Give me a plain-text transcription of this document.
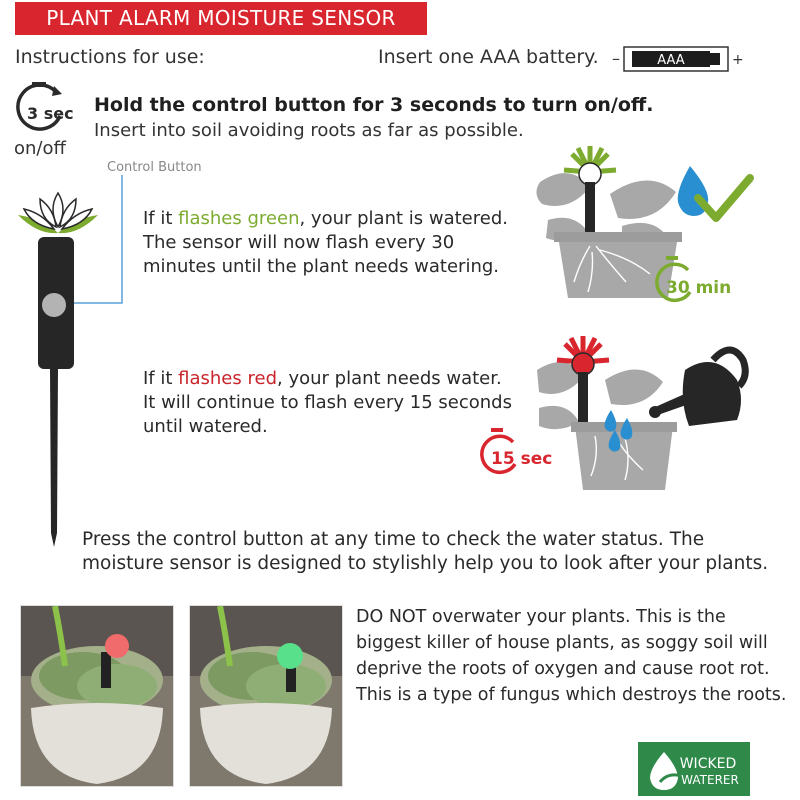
PLANT ALARM MOISTURE SENSOR
Instructions for use:	Insert one AAA battery. –	AAA	+
3 sec
on/off
Hold the control button for 3 seconds to turn on/off.
Insert into soil avoiding roots as far as possible.
Control Button
If it flashes green, your plant is watered.
The sensor will now flash every 30
minutes until the plant needs watering.
30 min
If it flashes red, your plant needs water.
It will continue to flash every 15 seconds
until watered.
15 sec
Press the control button at any time to check the water status. The
moisture sensor is designed to stylishly help you to look after your plants.
DO NOT overwater your plants. This is the
biggest killer of house plants, as soggy soil will
deprive the roots of oxygen and cause root rot.
This is a type of fungus which destroys the roots.
WICKED
WATERER
